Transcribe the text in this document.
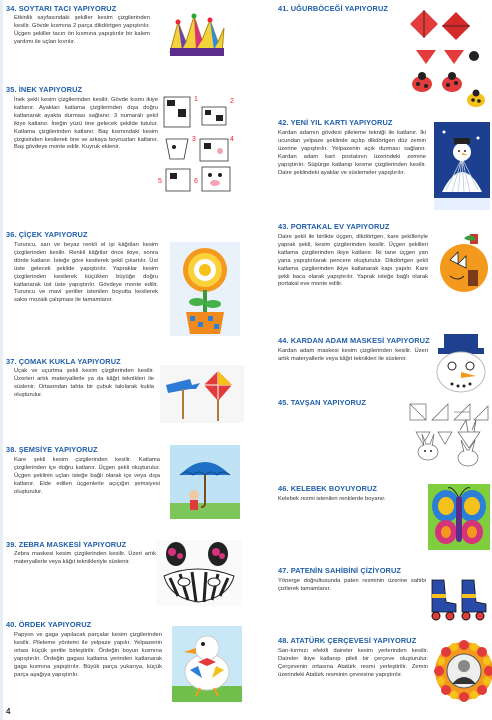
34. SOYTARI TACI YAPIYORUZ
Etkinlik sayfasındaki şekiller kesim çizgilerinden kesilir. Gövde kısmına 2 parça dikdörtgen yapıştırılır. Üçgen şekiller tacın ön kısmına yapıştırılır bir kalem yardımı ile uçları kıvrılır.
35. İNEK YAPIYORUZ
İnek şekli kesim çizgilerinden kesilir. Gövde kısmı ikiye katlanır. Ayakları katlama çizgilerinden dışa doğru katlanarak ayakta durması sağlanır. 3 numaralı şekil ikiye katlanır. İneğin yüzü öne gelecek şekilde tutulur. Katlama çizgilerinden katlanır. Baş kısmındaki kesim çizgisinden kesilerek öne ve arkaya boynuzları katlanır. Baş gövdeye monte edilir. Kuyruk eklenir.
1	2
3	4
5	6
36. ÇİÇEK YAPIYORUZ
Turuncu, sarı ve beyaz renkli el işi kâğıtları kesim çizgilerinden kesilir. Renkli kâğıtlar önce ikiye, sonra dörde katlanır. İsteğe göre kesilerek şekil çıkartılır. Üst üste gelecek şekilde yapıştırılır. Yapraklar kesim çizgilerinden kesilerek küçükten büyüğe doğru katlanarak üst üste yapıştırılır. Gövdeye monte edilir. Turuncu ve mavi şeritler istenilen boyutta kesilerek saksı mozaik çalışması ile tamamlanır.
37. ÇOMAK KUKLA YAPIYORUZ
Uçak ve uçurtma şekli kesim çizgilerinden kesilir. Üzerleri artık materyallerle ya da kâğıt teknikleri ile süslenir. Ortasından tahta bir çubuk takılarak kukla oluşturulur.
38. ŞEMSİYE YAPIYORUZ
Kare şekli kesim çizgilerinden kesilir. Katlama çizgilerinden içe doğru katlanır. Üçgen şekli oluşturulur. Üçgen şeklinin uçları isteğe bağlı olarak içe veya dışa katlanır. Elde edilen üçgenlerle açıçığın şemsiyesi oluşturulur.
39. ZEBRA MASKESİ YAPIYORUZ
Zebra maskesi kesim çizgilerinden kesilir. Üzeri artık materyallerle veya kâğıt teknikleriyle süslenir.
40. ÖRDEK YAPIYORUZ
Papyon ve gaga yapılacak parçalar kesim çizgilerinden kesilir. Pileleme yöntemi ile yelpaze yapılır. Yelpazenin ortası küçük şeritle birleştirilir. Ördeğin boyun kısmına yapıştırılır. Ördeğin gagası katlama yerinden katlanarak gaga kısmına yapıştırılır. Büyük parça yukarıya, küçük parça aşağıya yapıştırılır.
41. UĞURBÖCEĞİ YAPIYORUZ
42. YENİ YIL KARTI YAPIYORUZ
Kardan adamın gövdesi pileleme tekniği ile katlanır. İki ucundan yelpaze şeklinde açılıp dikdörtgen düz zemin üzerine yapıştırılır. Yelpazenin açık durması sağlanır. Kardan adam kart postalının üzerindeki zemine yapıştırılır. Süpürge katlanıp kesme çizgilerinden kesilir. Daire şeklindeki ayaklar ve süslemeler yapıştırılır.
43. PORTAKAL EV YAPIYORUZ
Daire şekli ile birlikte üçgen, dikdörtgen, kare şekilleriyle yaprak şekli, kesim çizgilerinden kesilir. Üçgen şekilleri katlama çizgilerinden ikiye katlanır. İki tane üçgen yan yana yapıştırılarak pencere oluşturulur. Dikdörtgen şekli katlama çizgilerinden ikiye katlanarak kapı yapılır. Kare şekli baca olarak yapıştırılır. Yaprak isteğe bağlı olarak portakal eve monte edilir.
44. KARDAN ADAM MASKESİ YAPIYORUZ
Kardan adam maskesi kesim çizgilerinden kesilir. Üzeri artık materyallerle veya kâğıt teknikleri ile süslenir.
45. TAVŞAN YAPIYORUZ
46. KELEBEK BOYUYORUZ
Kelebek resmi istenilen renklerde boyanır.
47. PATENİN SAHİBİNİ ÇİZİYORUZ
Yönerge doğrultusunda paten resminin üzerine sahibi çizilerek tamamlanır.
48. ATATÜRK ÇERÇEVESİ YAPIYORUZ
Sarı-kırmızı efektli daireler kesim yerlerinden kesilir. Daireler ikiye katlanıp pileli bir çerçeve oluşturulur. Çerçevenin ortasına Atatürk resmi yerleştirilir. Zemin üzerindeki Atatürk resminin çevresine yapıştırılır.
4
